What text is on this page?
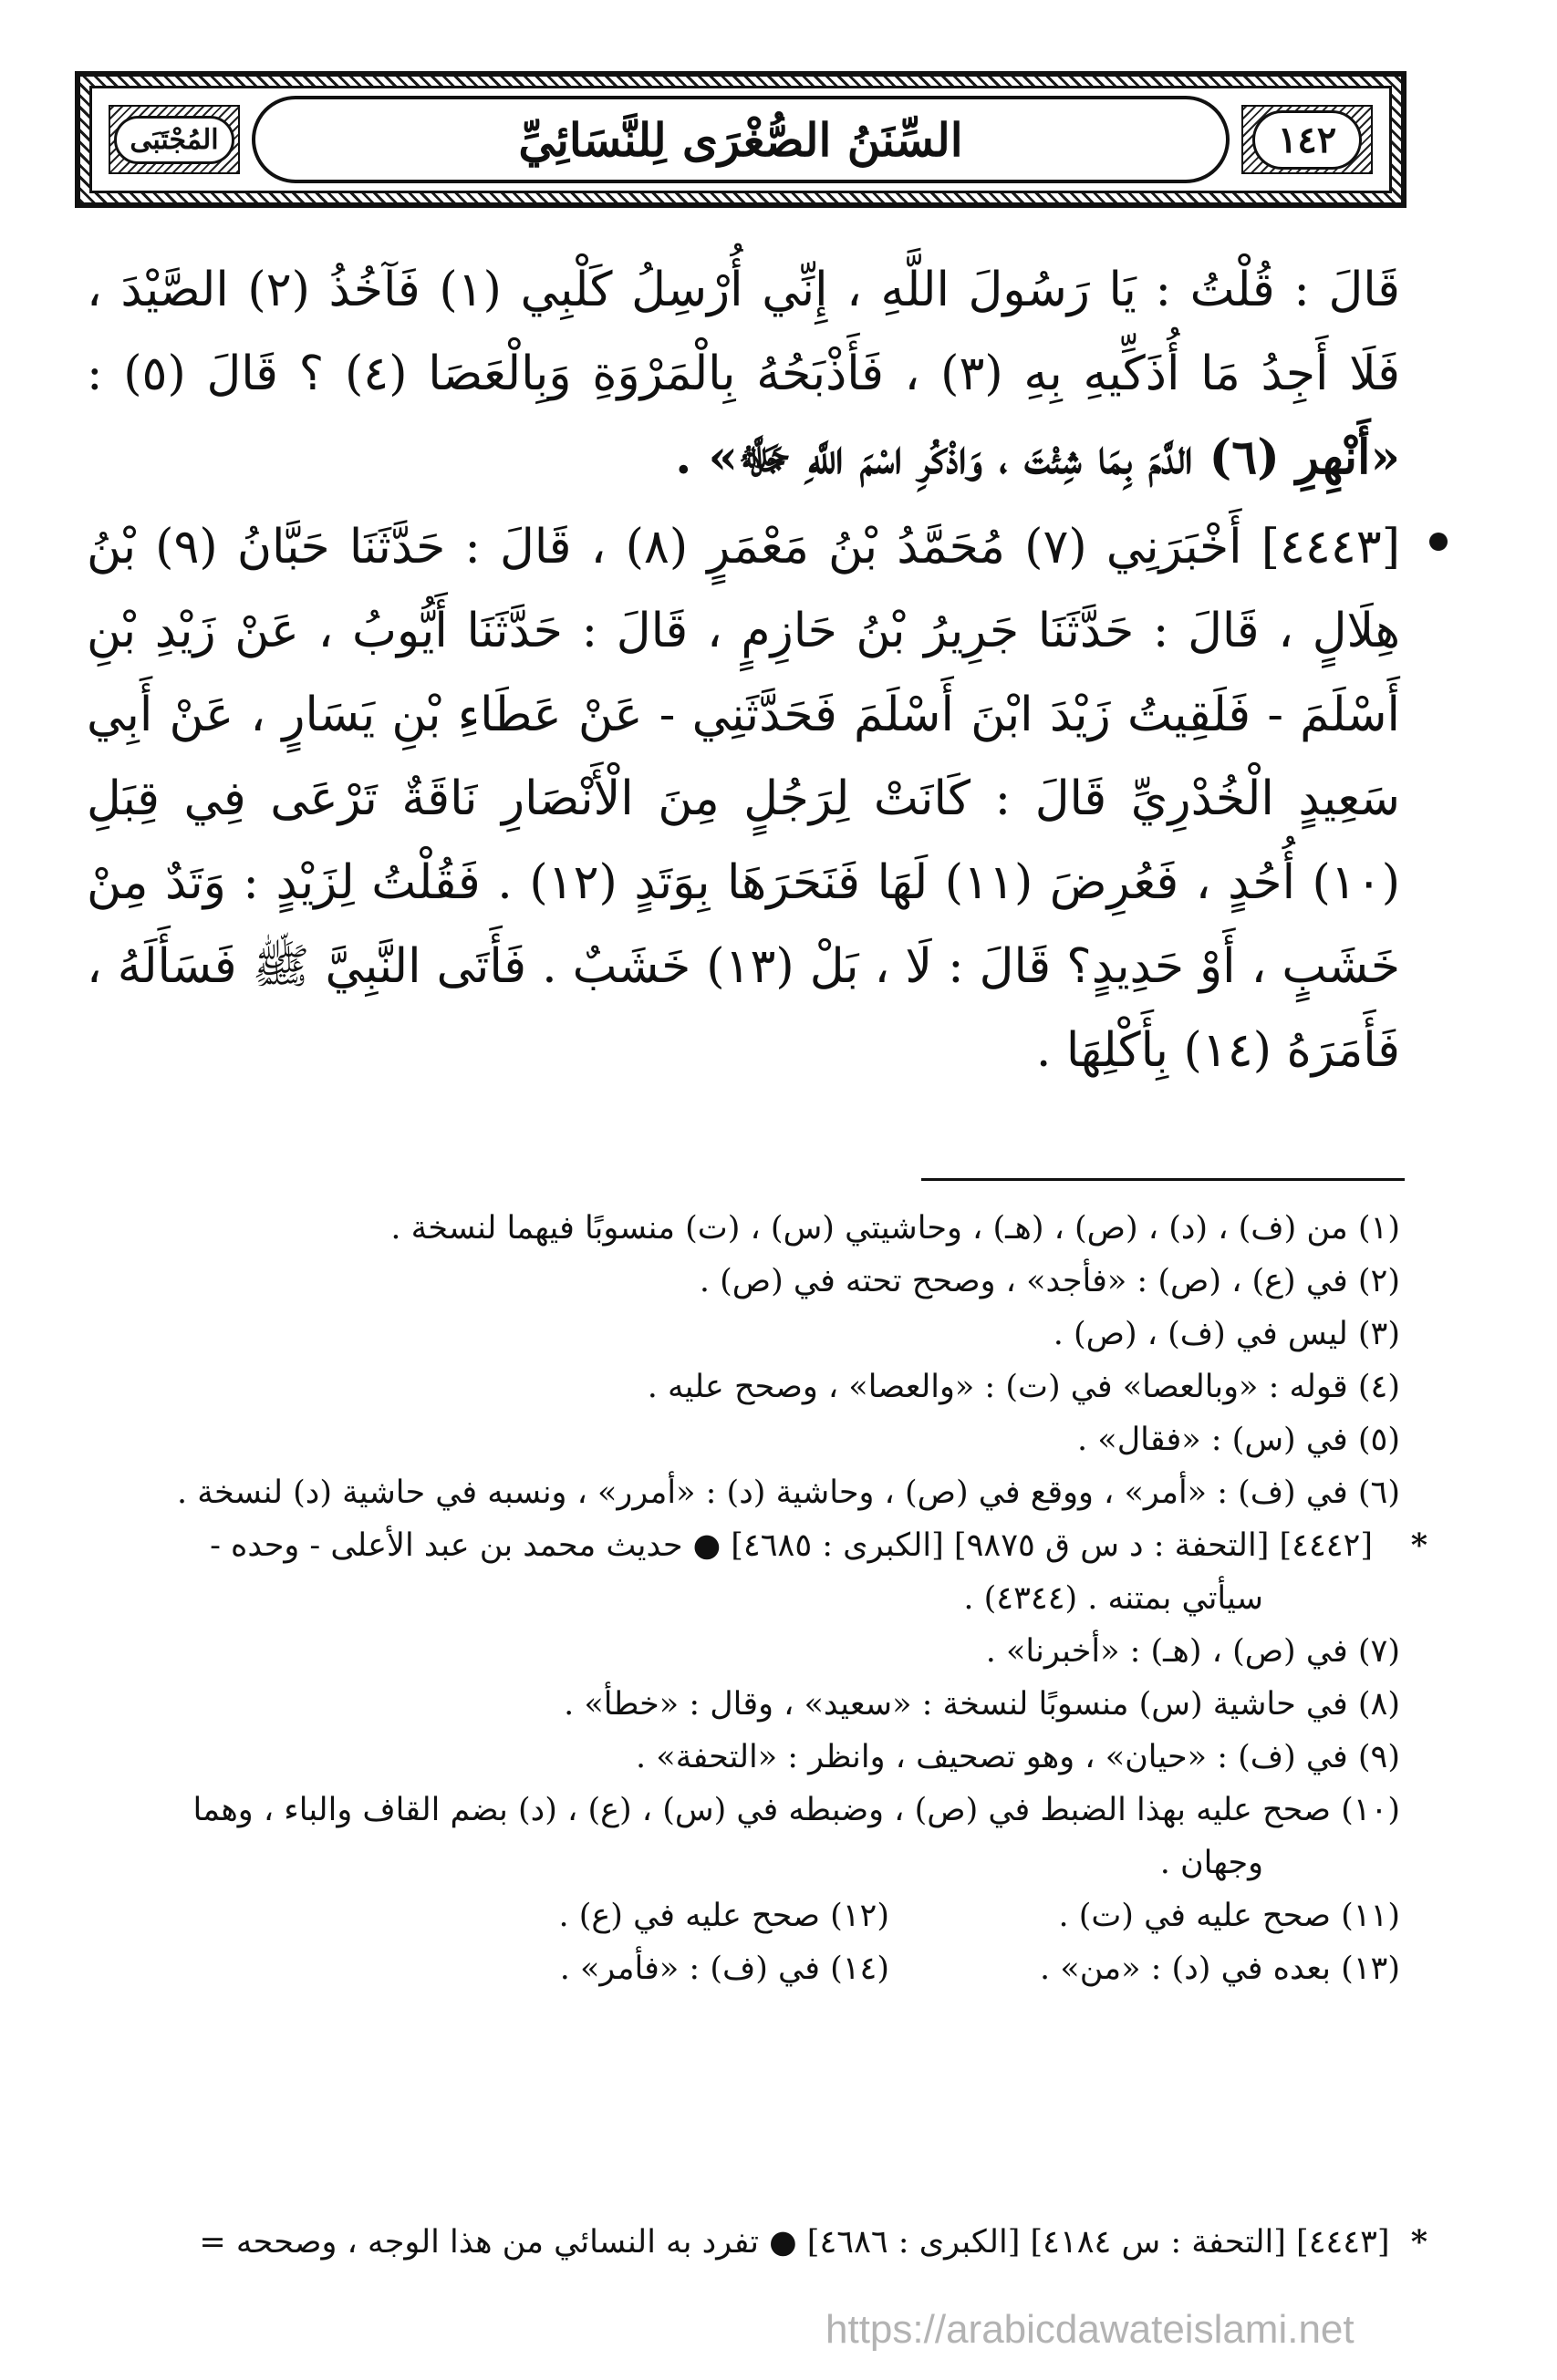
١٤٢
السِّنَنُ الصُّغْرَى لِلنَّسَائِيِّ
المُجْتَبَى

قَالَ : قُلْتُ : يَا رَسُولَ اللَّهِ ، إِنِّي أُرْسِلُ كَلْبِي (١) فَآخُذُ (٢) الصَّيْدَ ، فَلَا أَجِدُ مَا أُذَكِّيهِ بِهِ (٣) ، فَأَذْبَحُهُ بِالْمَرْوَةِ وَبِالْعَصَا (٤) ؟ قَالَ (٥) : «أَنْهِرِ (٦) الدَّمَ بِمَا شِئْتَ ، وَاذْكُرِ اسْمَ اللَّهِ ﷻ» .

[٤٤٤٣] أَخْبَرَنِي (٧) مُحَمَّدُ بْنُ مَعْمَرٍ (٨) ، قَالَ : حَدَّثَنَا حَبَّانُ (٩) بْنُ هِلَالٍ ، قَالَ : حَدَّثَنَا جَرِيرُ بْنُ حَازِمٍ ، قَالَ : حَدَّثَنَا أَيُّوبُ ، عَنْ زَيْدِ بْنِ أَسْلَمَ - فَلَقِيتُ زَيْدَ ابْنَ أَسْلَمَ فَحَدَّثَنِي - عَنْ عَطَاءِ بْنِ يَسَارٍ ، عَنْ أَبِي سَعِيدٍ الْخُدْرِيِّ قَالَ : كَانَتْ لِرَجُلٍ مِنَ الْأَنْصَارِ نَاقَةٌ تَرْعَى فِي قِبَلِ (١٠) أُحُدٍ ، فَعُرِضَ (١١) لَهَا فَنَحَرَهَا بِوَتَدٍ (١٢) . فَقُلْتُ لِزَيْدٍ : وَتَدٌ مِنْ خَشَبٍ ، أَوْ حَدِيدٍ؟ قَالَ : لَا ، بَلْ (١٣) خَشَبٌ . فَأَتَى النَّبِيَّ ﷺ فَسَأَلَهُ ، فَأَمَرَهُ (١٤) بِأَكْلِهَا .

(١) من (ف) ، (د) ، (ص) ، (هـ) ، وحاشيتي (س) ، (ت) منسوبًا فيهما لنسخة .

(٢) في (ع) ، (ص) : «فأجد» ، وصحح تحته في (ص) .

(٣) ليس في (ف) ، (ص) .

(٤) قوله : «وبالعصا» في (ت) : «والعصا» ، وصحح عليه .

(٥) في (س) : «فقال» .

(٦) في (ف) : «أمر» ، ووقع في (ص) ، وحاشية (د) : «أمرر» ، ونسبه في حاشية (د) لنسخة .

*
[٤٤٤٢] [التحفة : د س ق ٩٨٧٥] [الكبرى : ٤٦٨٥] ● حديث محمد بن عبد الأعلى - وحده -

سيأتي بمتنه . (٤٣٤٤) .

(٧) في (ص) ، (هـ) : «أخبرنا» .

(٨) في حاشية (س) منسوبًا لنسخة : «سعيد» ، وقال : «خطأ» .

(٩) في (ف) : «حيان» ، وهو تصحيف ، وانظر : «التحفة» .

(١٠) صحح عليه بهذا الضبط في (ص) ، وضبطه في (س) ، (ع) ، (د) بضم القاف والباء ، وهما

وجهان .

(١١) صحح عليه في (ت) .

(١٢) صحح عليه في (ع) .

(١٣) بعده في (د) : «من» .

(١٤) في (ف) : «فأمر» .

* [٤٤٤٣] [التحفة : س ٤١٨٤] [الكبرى : ٤٦٨٦] ● تفرد به النسائي من هذا الوجه ، وصححه =
https://arabicdawateislami.net
